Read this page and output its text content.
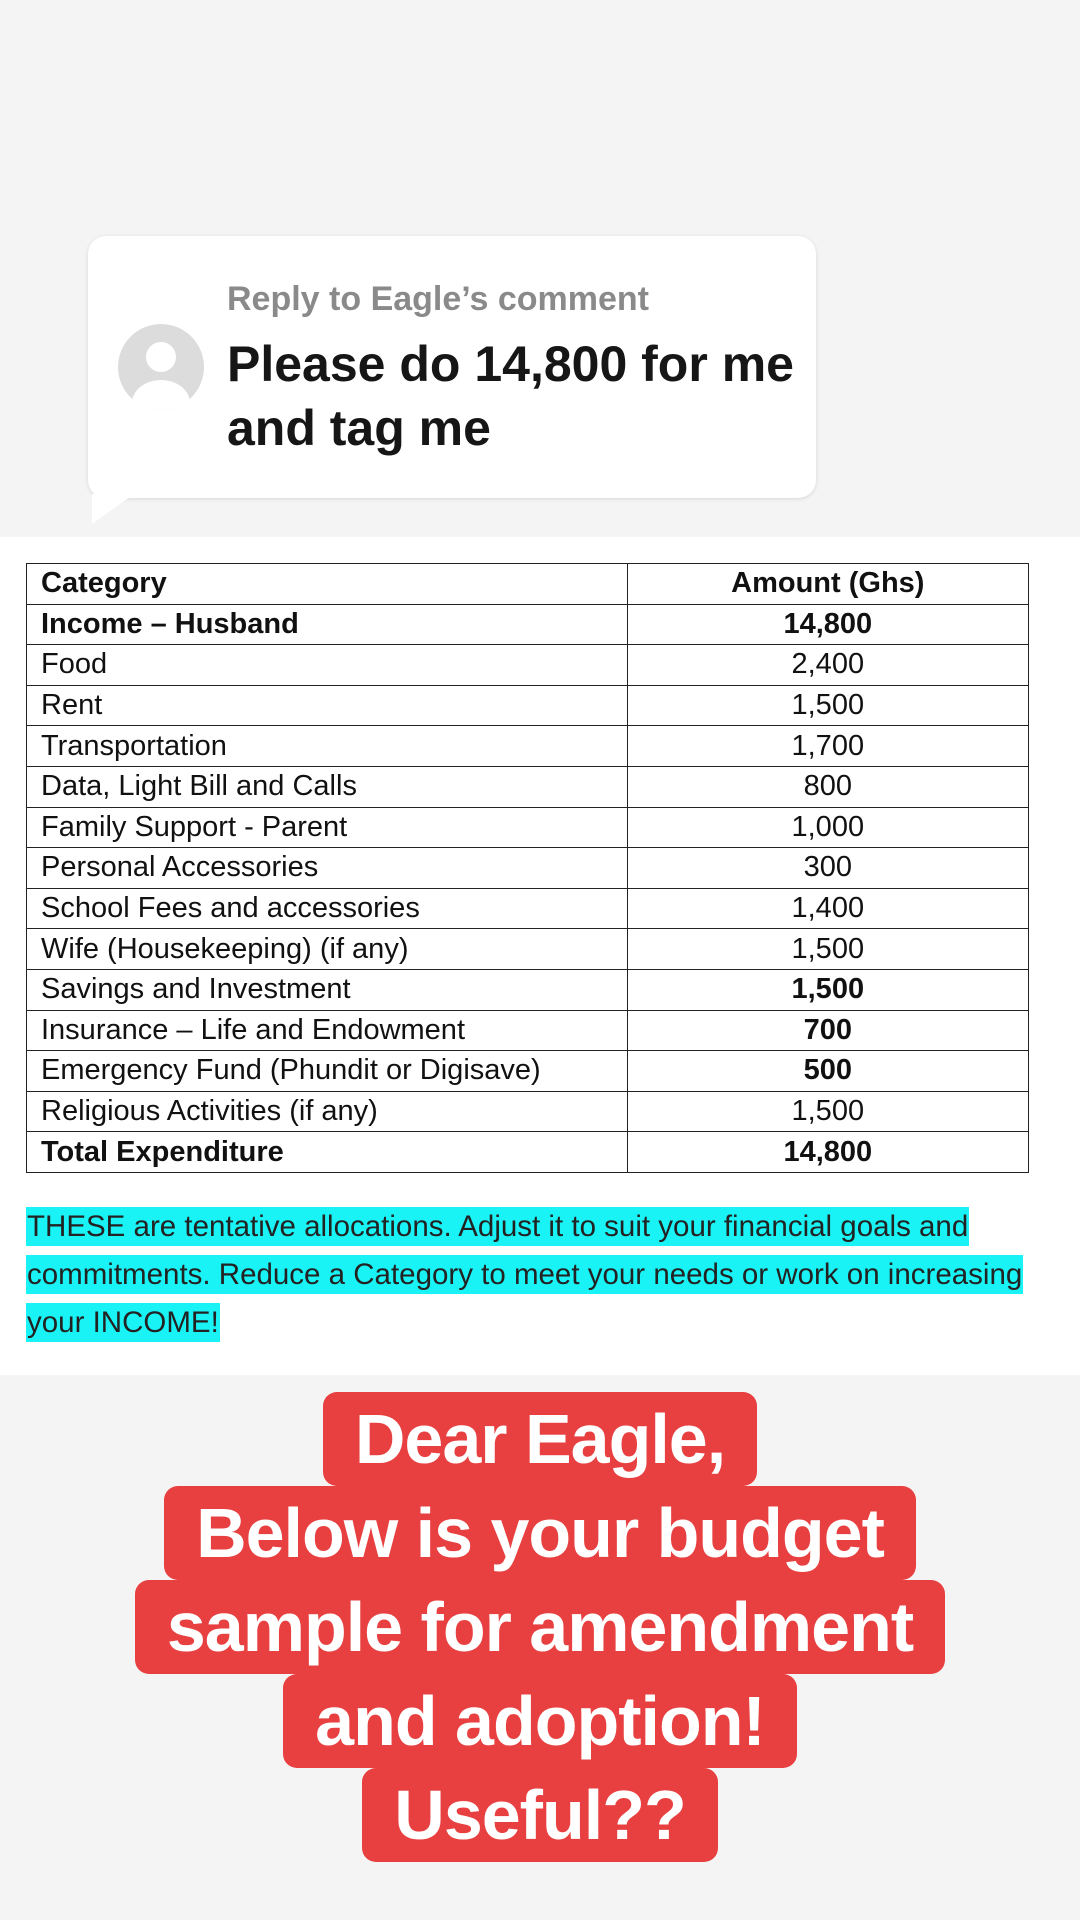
Reply to Eagle’s comment
Please do 14,800 for me and tag me
Category	Amount (Ghs)
Income – Husband	14,800
Food	2,400
Rent	1,500
Transportation	1,700
Data, Light Bill and Calls	800
Family Support - Parent	1,000
Personal Accessories	300
School Fees and accessories	1,400
Wife (Housekeeping) (if any)	1,500
Savings and Investment	1,500
Insurance – Life and Endowment	700
Emergency Fund (Phundit or Digisave)	500
Religious Activities (if any)	1,500
Total Expenditure	14,800
THESE are tentative allocations. Adjust it to suit your financial goals and commitments. Reduce a Category to meet your needs or work on increasing your INCOME!
Dear Eagle,
Below is your budget
sample for amendment
and adoption!
Useful??
